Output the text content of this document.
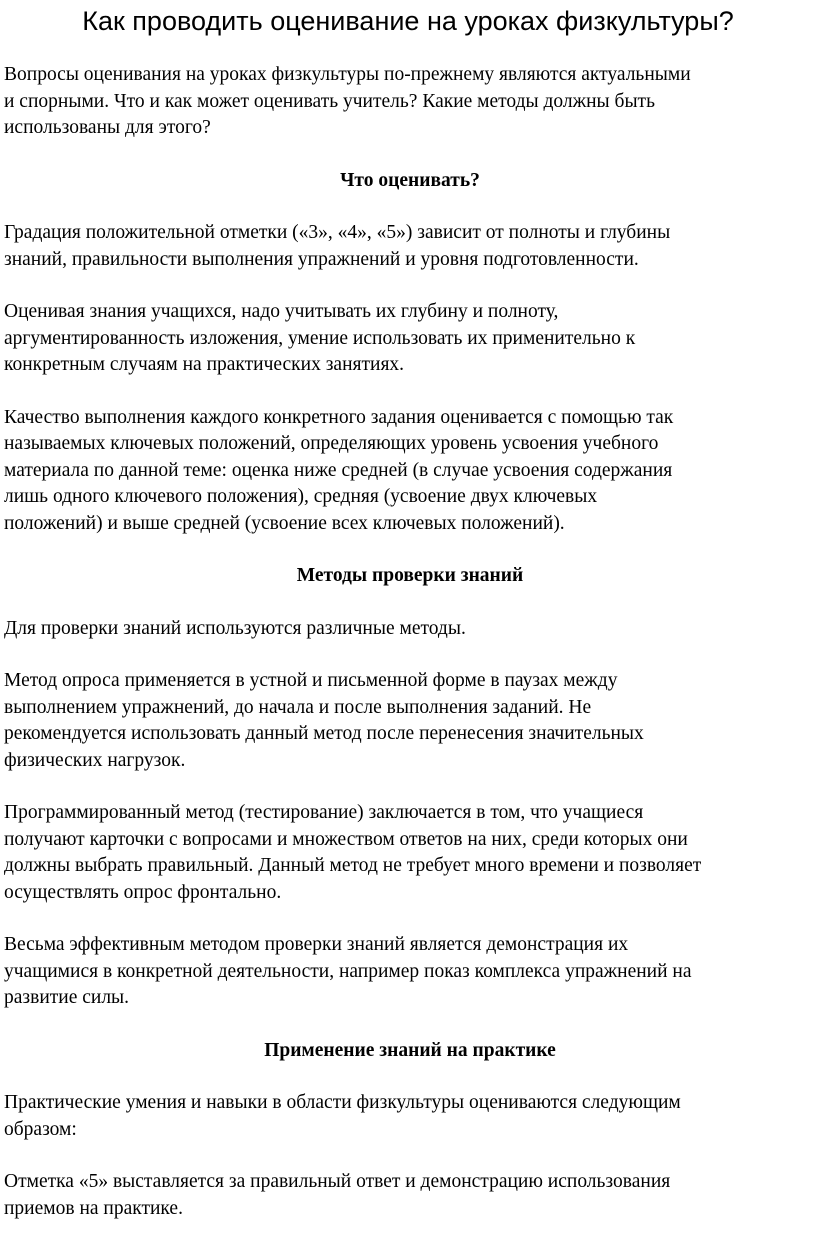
Как проводить оценивание на уроках физкультуры?

Вопросы оценивания на уроках физкультуры по-прежнему являются актуальными
и спорными. Что и как может оценивать учитель? Какие методы должны быть
использованы для этого?

Что оценивать?

Градация положительной отметки («3», «4», «5») зависит от полноты и глубины
знаний, правильности выполнения упражнений и уровня подготовленности.

Оценивая знания учащихся, надо учитывать их глубину и полноту,
аргументированность изложения, умение использовать их применительно к
конкретным случаям на практических занятиях.

Качество выполнения каждого конкретного задания оценивается с помощью так
называемых ключевых положений, определяющих уровень усвоения учебного
материала по данной теме: оценка ниже средней (в случае усвоения содержания
лишь одного ключевого положения), средняя (усвоение двух ключевых
положений) и выше средней (усвоение всех ключевых положений).

Методы проверки знаний

Для проверки знаний используются различные методы.

Метод опроса применяется в устной и письменной форме в паузах между
выполнением упражнений, до начала и после выполнения заданий. Не
рекомендуется использовать данный метод после перенесения значительных
физических нагрузок.

Программированный метод (тестирование) заключается в том, что учащиеся
получают карточки с вопросами и множеством ответов на них, среди которых они
должны выбрать правильный. Данный метод не требует много времени и позволяет
осуществлять опрос фронтально.

Весьма эффективным методом проверки знаний является демонстрация их
учащимися в конкретной деятельности, например показ комплекса упражнений на
развитие силы.

Применение знаний на практике

Практические умения и навыки в области физкультуры оцениваются следующим
образом:

Отметка «5» выставляется за правильный ответ и демонстрацию использования
приемов на практике.
